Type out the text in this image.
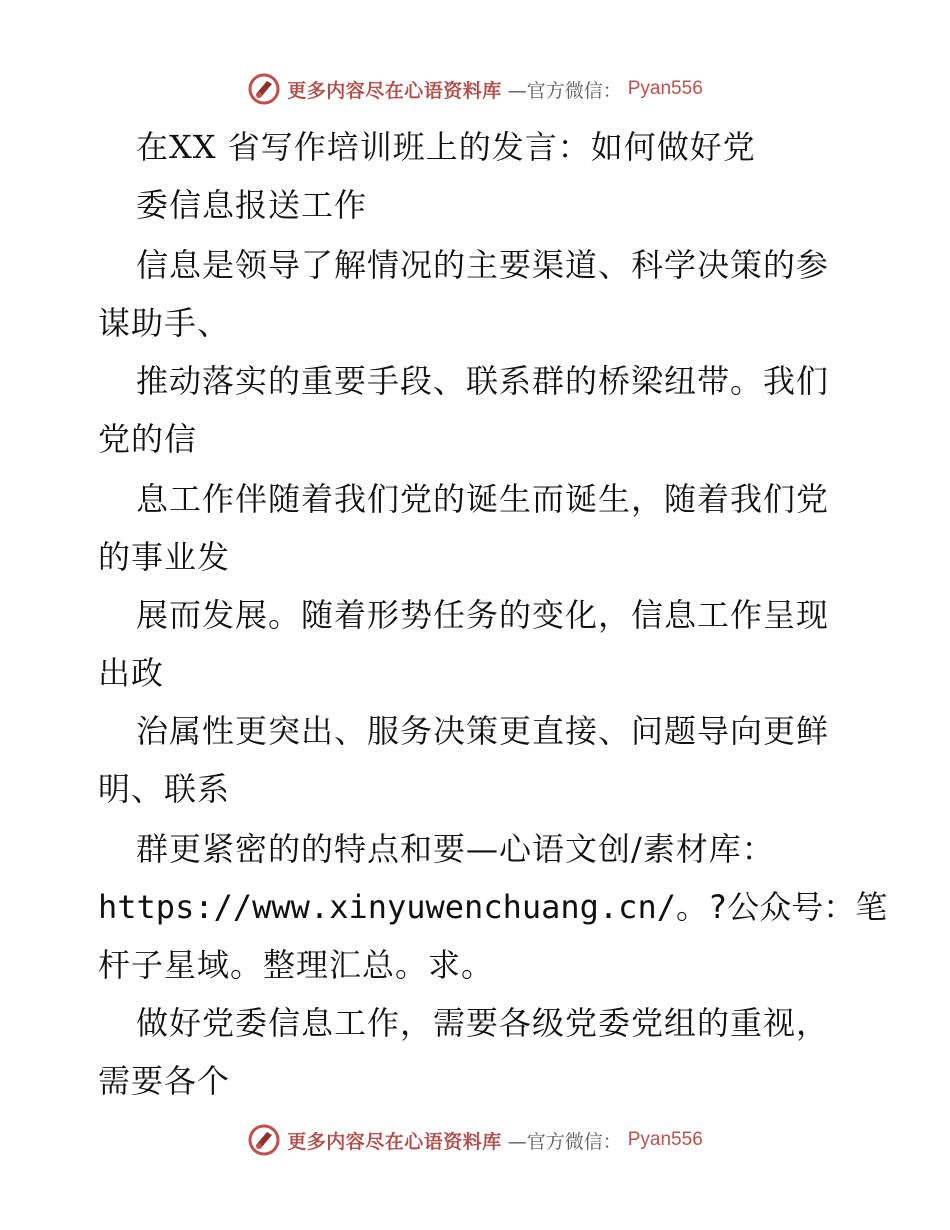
更多内容尽在心语资料库 —官方微信： Pyan556
在XX 省写作培训班上的发言：如何做好党
委信息报送工作
信息是领导了解情况的主要渠道、科学决策的参
谋助手、
推动落实的重要手段、联系群的桥梁纽带。我们
党的信
息工作伴随着我们党的诞生而诞生，随着我们党
的事业发
展而发展。随着形势任务的变化，信息工作呈现
出政
治属性更突出、服务决策更直接、问题导向更鲜
明、联系
群更紧密的的特点和要—心语文创/素材库：
https://www.xinyuwenchuang.cn/。?公众号：笔
杆子星域。整理汇总。求。
做好党委信息工作，需要各级党委党组的重视，
需要各个
更多内容尽在心语资料库 —官方微信： Pyan556
